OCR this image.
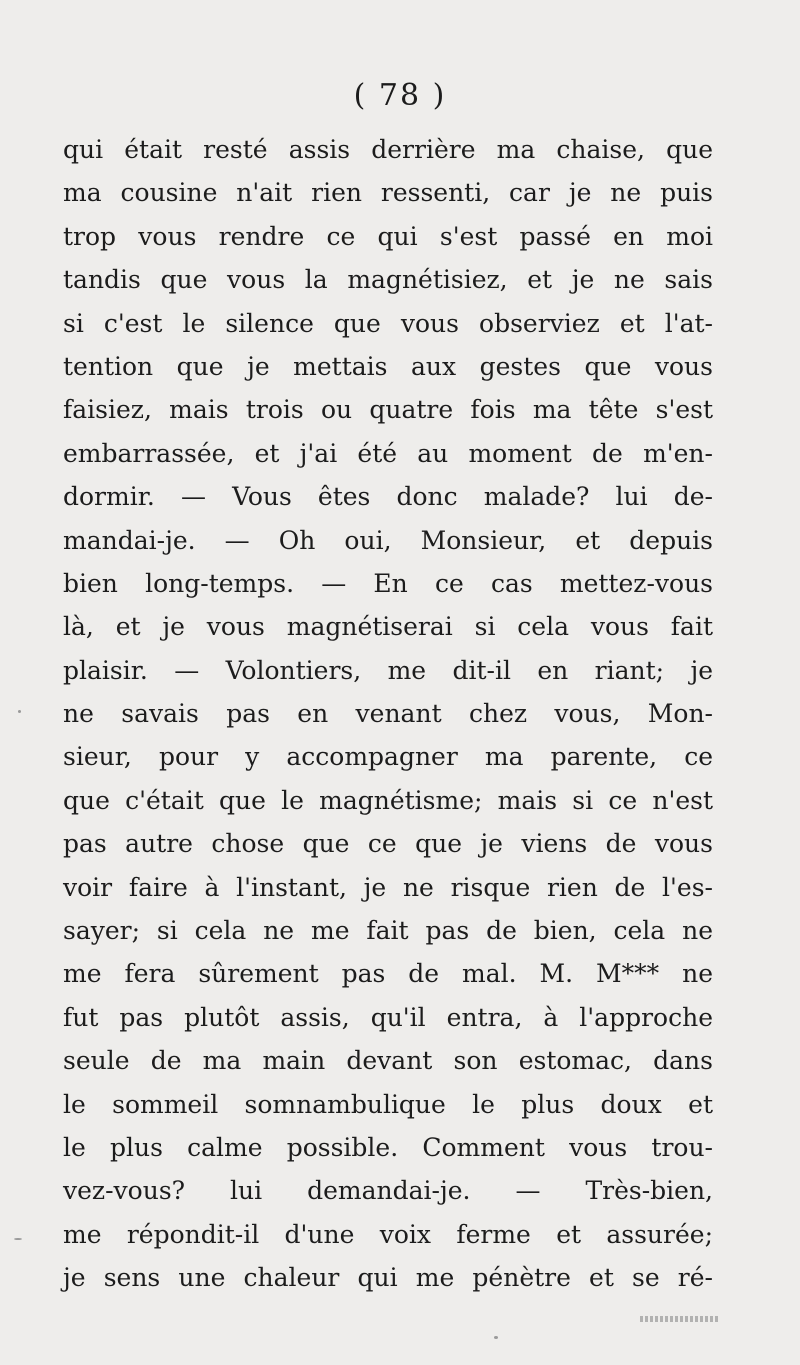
( 78 )
qui était resté assis derrière ma chaise, que
ma cousine n'ait rien ressenti, car je ne puis
trop vous rendre ce qui s'est passé en moi
tandis que vous la magnétisiez, et je ne sais
si c'est le silence que vous observiez et l'at-
tention que je mettais aux gestes que vous
faisiez, mais trois ou quatre fois ma tête s'est
embarrassée, et j'ai été au moment de m'en-
dormir. — Vous êtes donc malade? lui de-
mandai-je. — Oh oui, Monsieur, et depuis
bien long-temps. — En ce cas mettez-vous
là, et je vous magnétiserai si cela vous fait
plaisir. — Volontiers, me dit-il en riant; je
ne savais pas en venant chez vous, Mon-
sieur, pour y accompagner ma parente, ce
que c'était que le magnétisme; mais si ce n'est
pas autre chose que ce que je viens de vous
voir faire à l'instant, je ne risque rien de l'es-
sayer; si cela ne me fait pas de bien, cela ne
me fera sûrement pas de mal. M. M*** ne
fut pas plutôt assis, qu'il entra, à l'approche
seule de ma main devant son estomac, dans
le sommeil somnambulique le plus doux et
le plus calme possible. Comment vous trou-
vez-vous? lui demandai-je. — Très-bien,
me répondit-il d'une voix ferme et assurée;
je sens une chaleur qui me pénètre et se ré-
